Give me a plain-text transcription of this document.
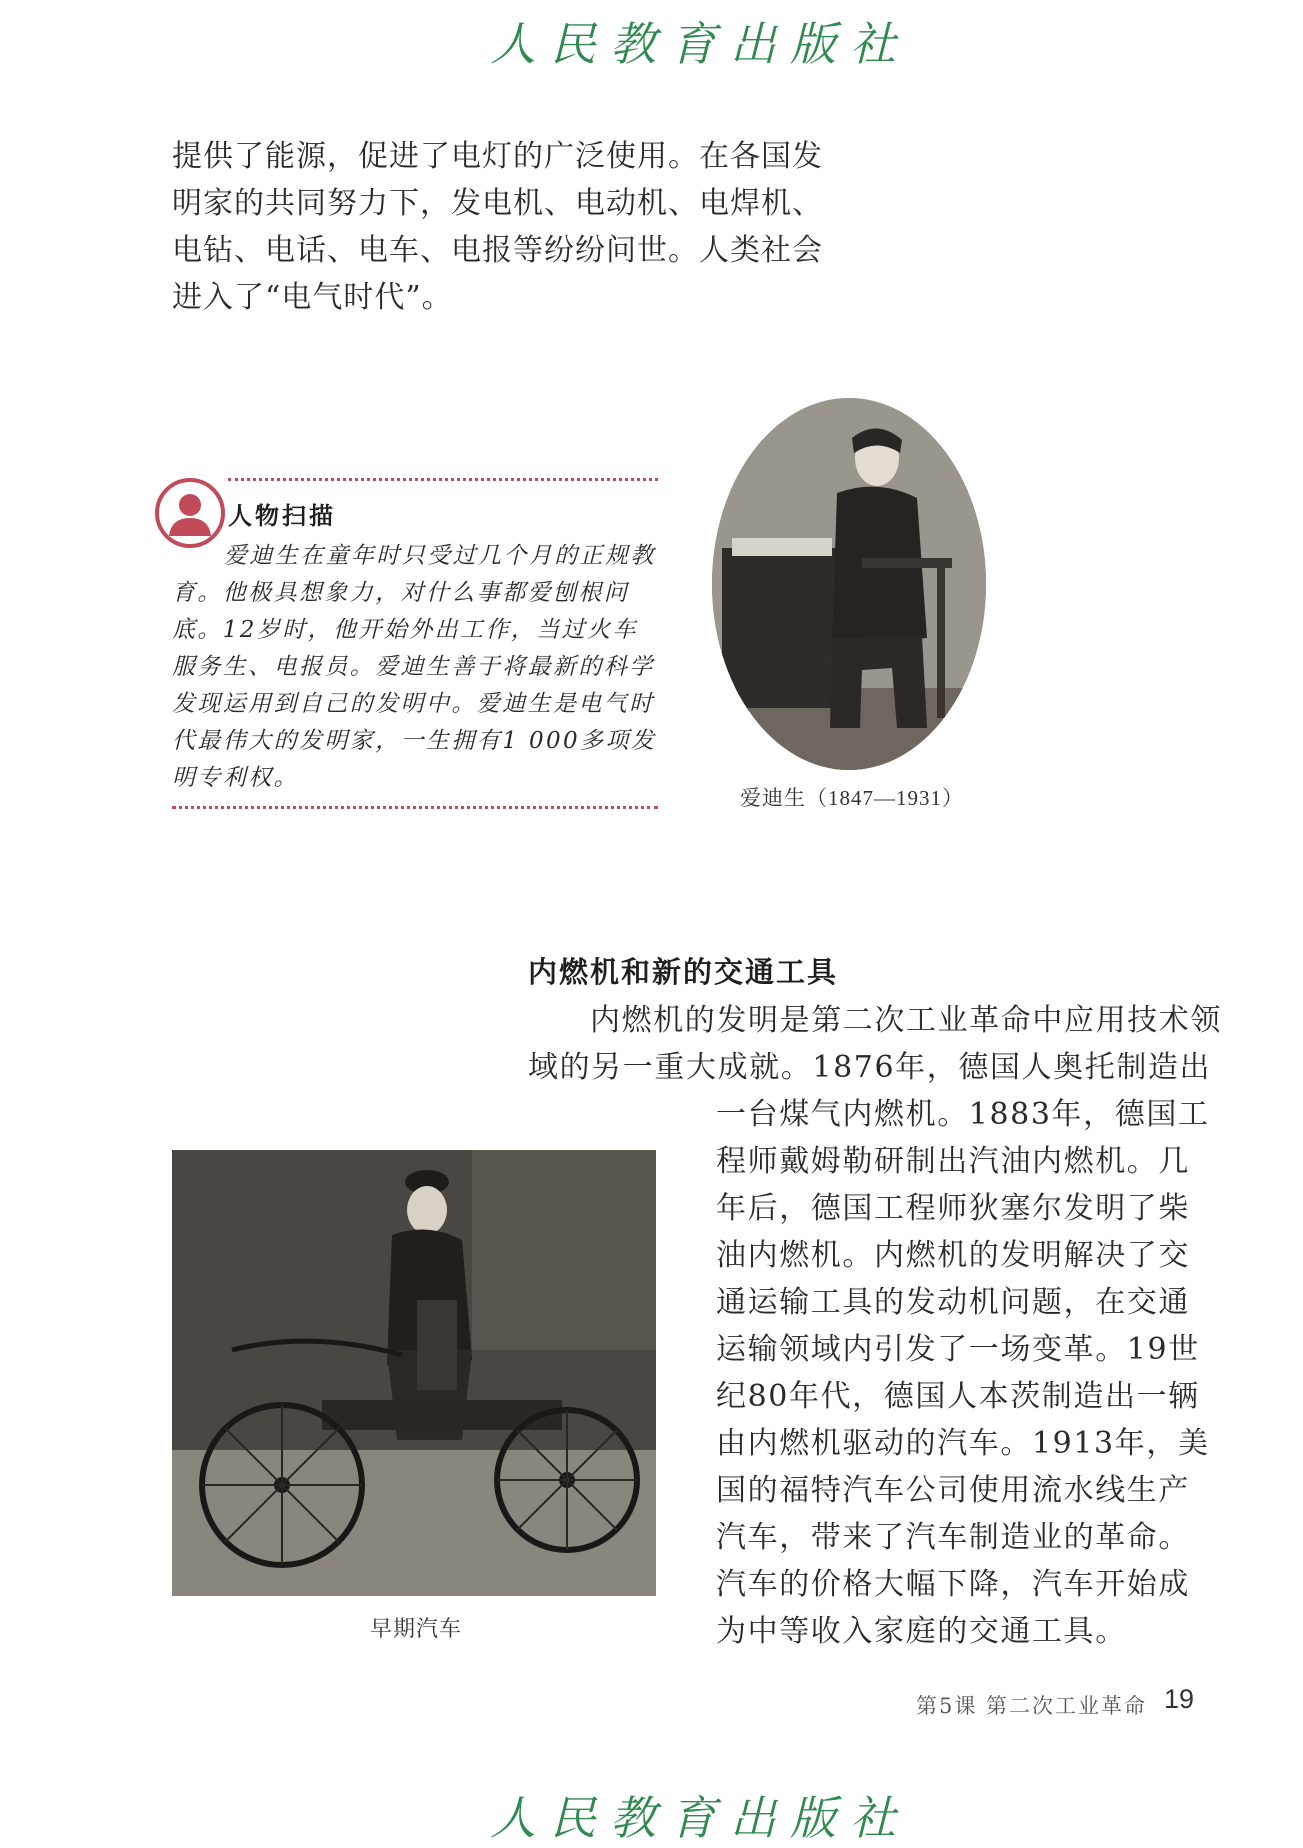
人民教育出版社

提供了能源，促进了电灯的广泛使用。在各国发

明家的共同努力下，发电机、电动机、电焊机、

电钻、电话、电车、电报等纷纷问世。人类社会

进入了“电气时代”。

人物扫描
爱迪生在童年时只受过几个月的正规教育。他极具想象力，对什么事都爱刨根问底。12岁时，他开始外出工作，当过火车服务生、电报员。爱迪生善于将最新的科学发现运用到自己的发明中。爱迪生是电气时代最伟大的发明家，一生拥有1 000多项发明专利权。
爱迪生（1847—1931）
内燃机和新的交通工具
内燃机的发明是第二次工业革命中应用技术领
域的另一重大成就。1876年，德国人奥托制造出
一台煤气内燃机。1883年，德国工
程师戴姆勒研制出汽油内燃机。几
年后，德国工程师狄塞尔发明了柴
油内燃机。内燃机的发明解决了交
通运输工具的发动机问题，在交通
运输领域内引发了一场变革。19世
纪80年代，德国人本茨制造出一辆
由内燃机驱动的汽车。1913年，美
国的福特汽车公司使用流水线生产
汽车，带来了汽车制造业的革命。
汽车的价格大幅下降，汽车开始成
为中等收入家庭的交通工具。
早期汽车
第5课 第二次工业革命 19
人民教育出版社
